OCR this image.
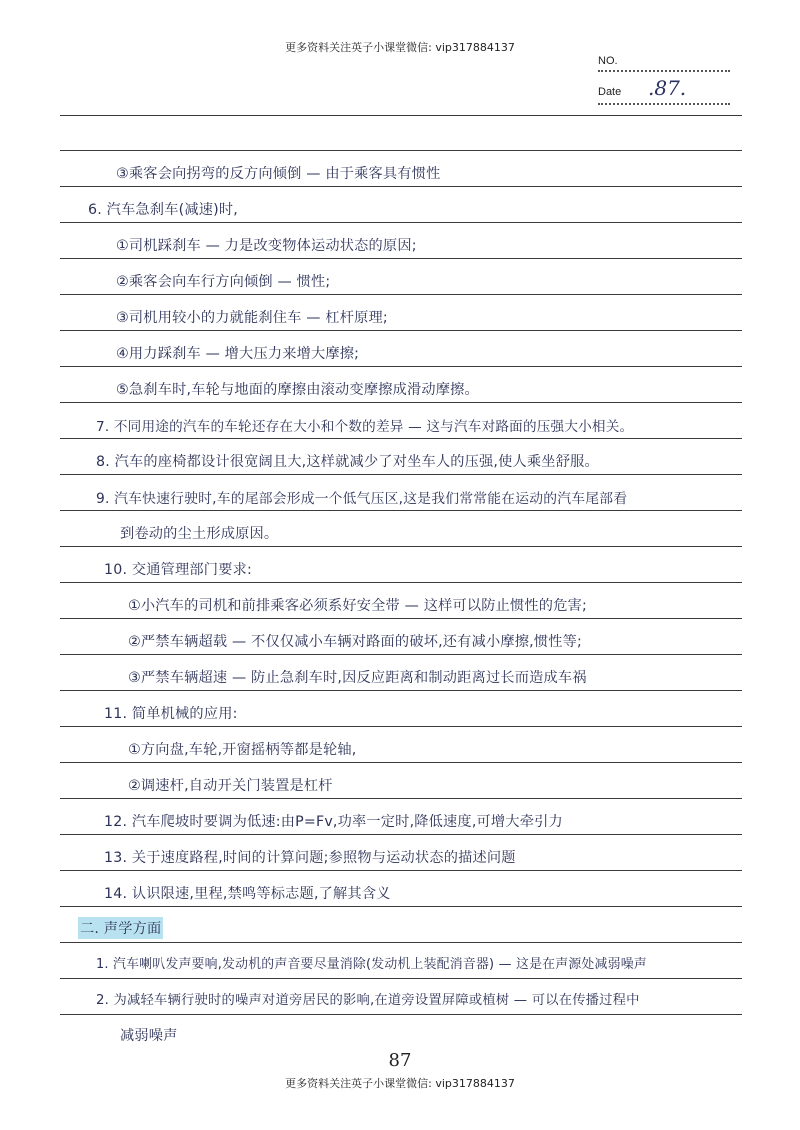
更多资料关注英子小课堂微信: vip317884137
NO.
Date .87.
③乘客会向拐弯的反方向倾倒 — 由于乘客具有惯性
6. 汽车急刹车(减速)时,
①司机踩刹车 — 力是改变物体运动状态的原因;
②乘客会向车行方向倾倒 — 惯性;
③司机用较小的力就能刹住车 — 杠杆原理;
④用力踩刹车 — 增大压力来增大摩擦;
⑤急刹车时,车轮与地面的摩擦由滚动变摩擦成滑动摩擦。
7. 不同用途的汽车的车轮还存在大小和个数的差异 — 这与汽车对路面的压强大小相关。
8. 汽车的座椅都设计很宽阔且大,这样就减少了对坐车人的压强,使人乘坐舒服。
9. 汽车快速行驶时,车的尾部会形成一个低气压区,这是我们常常能在运动的汽车尾部看
到卷动的尘土形成原因。
10. 交通管理部门要求:
①小汽车的司机和前排乘客必须系好安全带 — 这样可以防止惯性的危害;
②严禁车辆超载 — 不仅仅减小车辆对路面的破坏,还有减小摩擦,惯性等;
③严禁车辆超速 — 防止急刹车时,因反应距离和制动距离过长而造成车祸
11. 简单机械的应用:
①方向盘,车轮,开窗摇柄等都是轮轴,
②调速杆,自动开关门装置是杠杆
12. 汽车爬坡时要调为低速:由P=Fv,功率一定时,降低速度,可增大牵引力
13. 关于速度路程,时间的计算问题;参照物与运动状态的描述问题
14. 认识限速,里程,禁鸣等标志题,了解其含义
二. 声学方面
1. 汽车喇叭发声要响,发动机的声音要尽量消除(发动机上装配消音器) — 这是在声源处减弱噪声
2. 为减轻车辆行驶时的噪声对道旁居民的影响,在道旁设置屏障或植树 — 可以在传播过程中
减弱噪声
87
更多资料关注英子小课堂微信: vip317884137
